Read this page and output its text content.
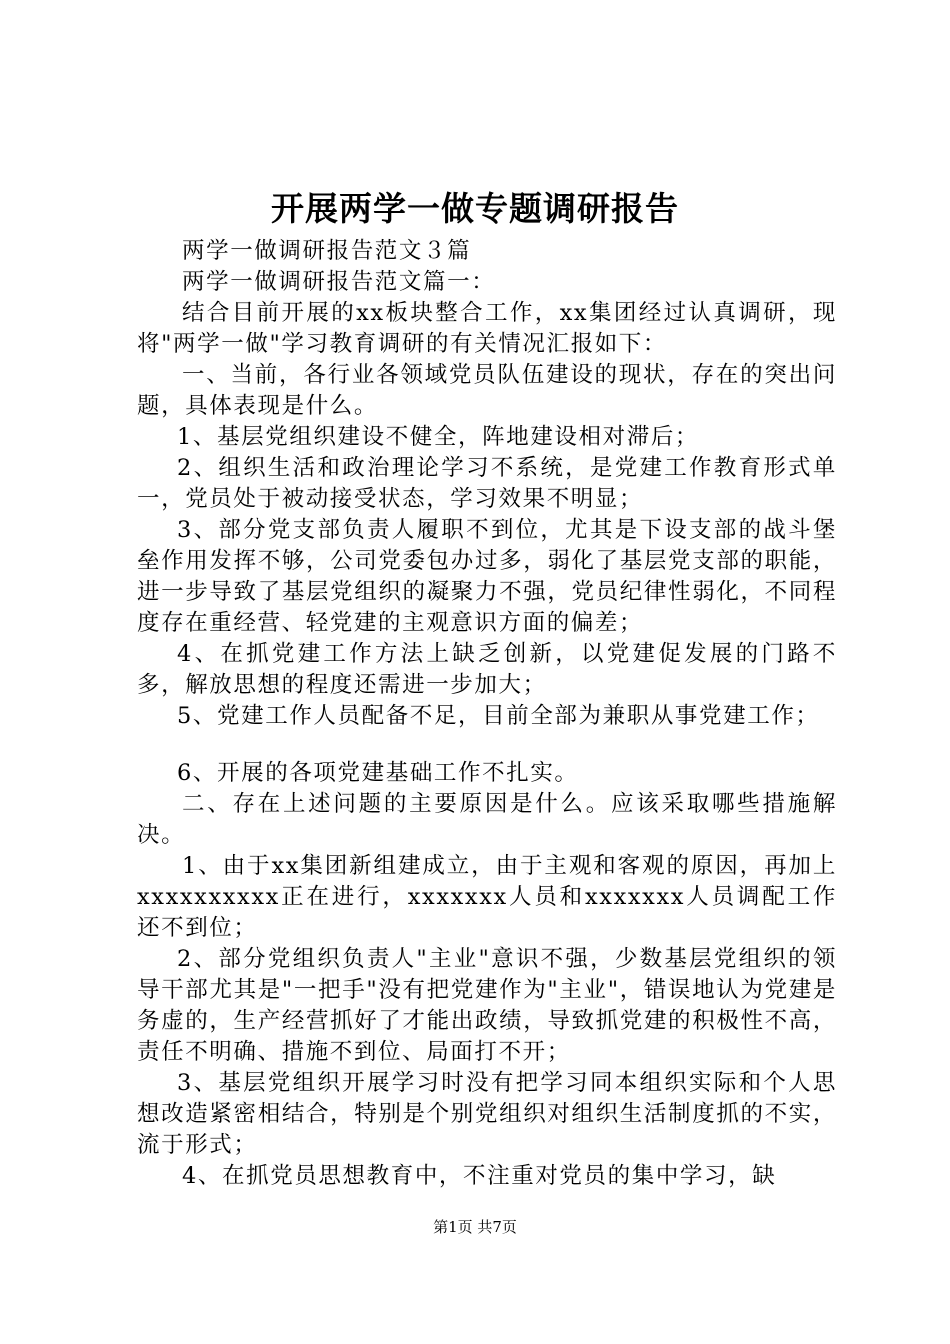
开展两学一做专题调研报告

两学一做调研报告范文３篇

两学一做调研报告范文篇一：

结合目前开展的xx板块整合工作，xx集团经过认真调研，现将"两学一做"学习教育调研的有关情况汇报如下：

一、当前，各行业各领域党员队伍建设的现状，存在的突出问题，具体表现是什么。

1、基层党组织建设不健全，阵地建设相对滞后；

2、组织生活和政治理论学习不系统，是党建工作教育形式单一，党员处于被动接受状态，学习效果不明显；

3、部分党支部负责人履职不到位，尤其是下设支部的战斗堡垒作用发挥不够，公司党委包办过多，弱化了基层党支部的职能，进一步导致了基层党组织的凝聚力不强，党员纪律性弱化，不同程度存在重经营、轻党建的主观意识方面的偏差；

4、在抓党建工作方法上缺乏创新，以党建促发展的门路不多，解放思想的程度还需进一步加大；

5、党建工作人员配备不足，目前全部为兼职从事党建工作；

6、开展的各项党建基础工作不扎实。

二、存在上述问题的主要原因是什么。应该采取哪些措施解决。

1、由于xx集团新组建成立，由于主观和客观的原因，再加上xxxxxxxxxx正在进行，xxxxxxx人员和xxxxxxx人员调配工作还不到位；

2、部分党组织负责人"主业"意识不强，少数基层党组织的领导干部尤其是"一把手"没有把党建作为"主业"，错误地认为党建是务虚的，生产经营抓好了才能出政绩，导致抓党建的积极性不高，责任不明确、措施不到位、局面打不开；

3、基层党组织开展学习时没有把学习同本组织实际和个人思想改造紧密相结合，特别是个别党组织对组织生活制度抓的不实，流于形式；

4、在抓党员思想教育中，不注重对党员的集中学习，缺

第1页 共7页
